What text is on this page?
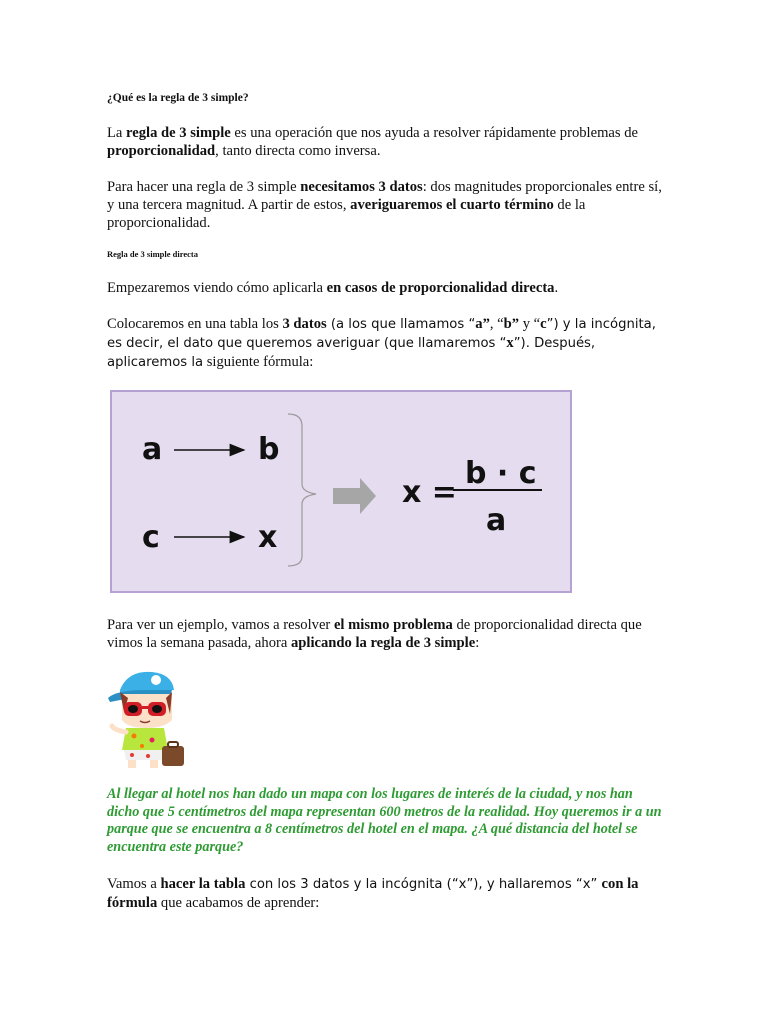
¿Qué es la regla de 3 simple?

La regla de 3 simple es una operación que nos ayuda a resolver rápidamente problemas de proporcionalidad, tanto directa como inversa.

Para hacer una regla de 3 simple necesitamos 3 datos: dos magnitudes proporcionales entre sí, y una tercera magnitud. A partir de estos, averiguaremos el cuarto término de la proporcionalidad.

Regla de 3 simple directa

Empezaremos viendo cómo aplicarla en casos de proporcionalidad directa.

Colocaremos en una tabla los 3 datos (a los que llamamos “a”, “b” y “c”) y la incógnita, es decir, el dato que queremos averiguar (que llamaremos “x”). Después, aplicaremos la siguiente fórmula:

Para ver un ejemplo, vamos a resolver el mismo problema de proporcionalidad directa que vimos la semana pasada, ahora aplicando la regla de 3 simple:

Al llegar al hotel nos han dado un mapa con los lugares de interés de la ciudad, y nos han dicho que 5 centímetros del mapa representan 600 metros de la realidad. Hoy queremos ir a un parque que se encuentra a 8 centímetros del hotel en el mapa. ¿A qué distancia del hotel se encuentra este parque?

Vamos a hacer la tabla con los 3 datos y la incógnita (“x”), y hallaremos “x” con la fórmula que acabamos de aprender:

a	b
c	x
x =
b · c
a
